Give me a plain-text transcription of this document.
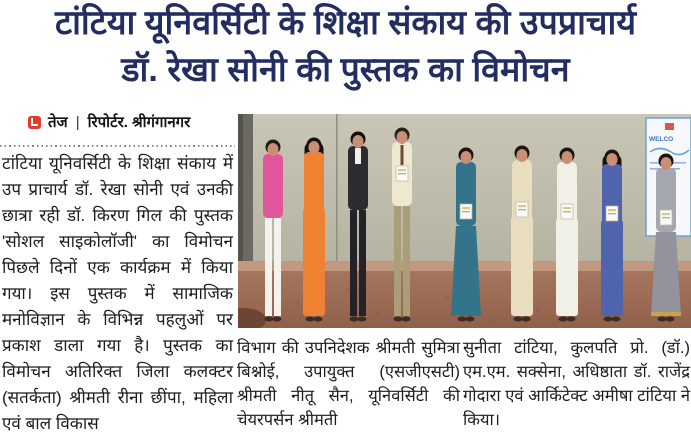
टांटिया यूनिवर्सिटी के शिक्षा संकाय की उपप्राचार्य
डॉ. रेखा सोनी की पुस्तक का विमोचन
तेज | रिपोर्टर. श्रीगंगानगर

टांटिया यूनिवर्सिटी के शिक्षा संकाय में उप प्राचार्य डॉ. रेखा सोनी एवं उनकी छात्रा रही डॉ. किरण गिल की पुस्तक 'सोशल साइकोलॉजी' का विमोचन पिछले दिनों एक कार्यक्रम में किया गया। इस पुस्तक में सामाजिक मनोविज्ञान के विभिन्न पहलुओं पर प्रकाश डाला गया है। पुस्तक का विमोचन अतिरिक्त जिला कलक्टर (सतर्कता) श्रीमती रीना छींपा, महिला एवं बाल विकास

WELCO

विभाग की उपनिदेशक श्रीमती सुमित्रा बिश्नोई, उपायुक्त (एसजीएसटी) श्रीमती नीतू सैन, यूनिवर्सिटी की चेयरपर्सन श्रीमती

सुनीता टांटिया, कुलपति प्रो. (डॉ.) एम.एम. सक्सेना, अधिष्ठाता डॉ. राजेंद्र गोदारा एवं आर्किटेक्ट अमीषा टांटिया ने किया।
